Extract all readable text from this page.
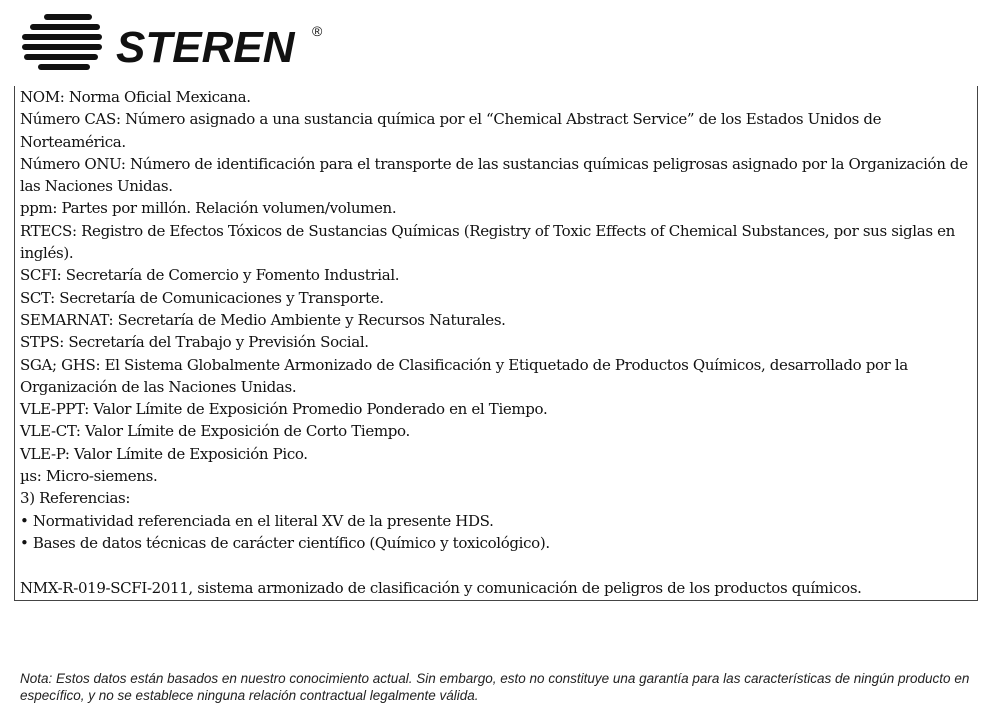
STEREN ®

NOM: Norma Oficial Mexicana.

Número CAS: Número asignado a una sustancia química por el “Chemical Abstract Service” de los Estados Unidos de Norteamérica.

Número ONU: Número de identificación para el transporte de las sustancias químicas peligrosas asignado por la Organización de las Naciones Unidas.

ppm: Partes por millón. Relación volumen/volumen.

RTECS: Registro de Efectos Tóxicos de Sustancias Químicas (Registry of Toxic Effects of Chemical Substances, por sus siglas en inglés).

SCFI: Secretaría de Comercio y Fomento Industrial.

SCT: Secretaría de Comunicaciones y Transporte.

SEMARNAT: Secretaría de Medio Ambiente y Recursos Naturales.

STPS: Secretaría del Trabajo y Previsión Social.

SGA; GHS: El Sistema Globalmente Armonizado de Clasificación y Etiquetado de Productos Químicos, desarrollado por la Organización de las Naciones Unidas.

VLE-PPT: Valor Límite de Exposición Promedio Ponderado en el Tiempo.

VLE-CT: Valor Límite de Exposición de Corto Tiempo.

VLE-P: Valor Límite de Exposición Pico.

µs: Micro-siemens.

3) Referencias:

• Normatividad referenciada en el literal XV de la presente HDS.

• Bases de datos técnicas de carácter científico (Químico y toxicológico).

NMX-R-019-SCFI-2011, sistema armonizado de clasificación y comunicación de peligros de los productos químicos.

Nota: Estos datos están basados en nuestro conocimiento actual. Sin embargo, esto no constituye una garantía para las características de ningún producto en específico, y no se establece ninguna relación contractual legalmente válida.
